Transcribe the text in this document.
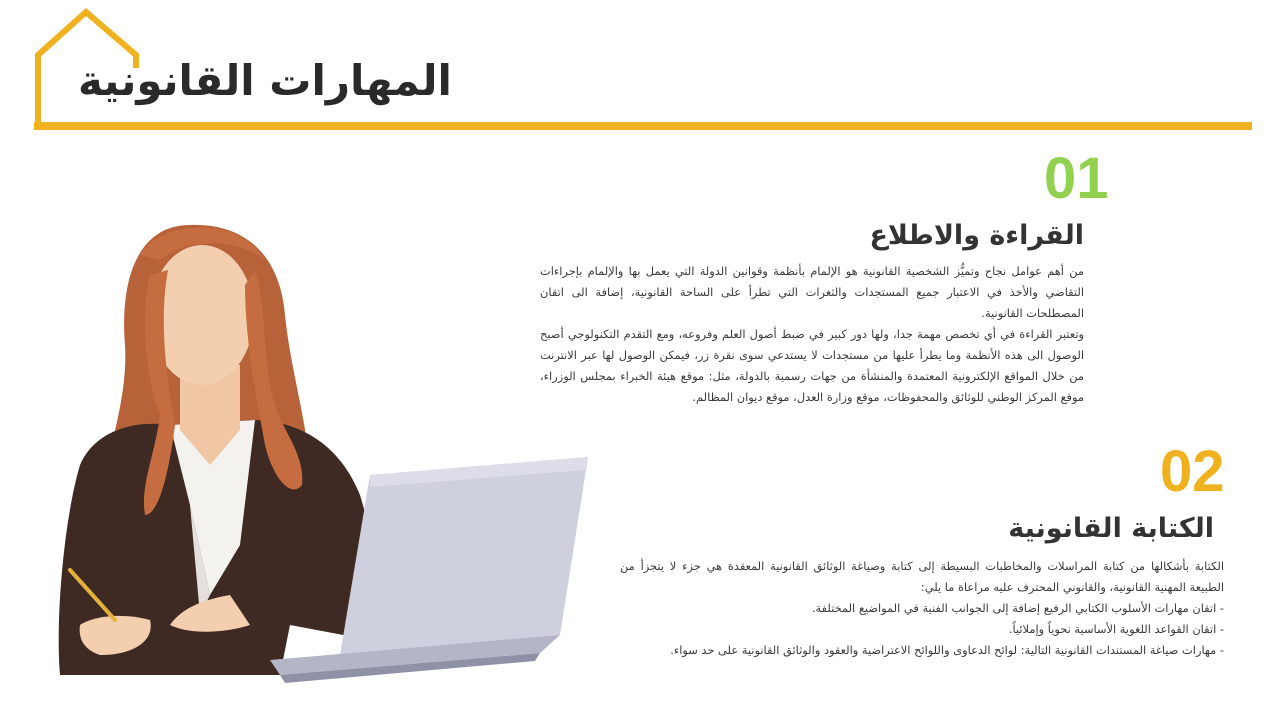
المهارات القانونية
01
القراءة والاطلاع
من أهم عوامل نجاح وتميُّز الشخصية القانونية هو الإلمام بأنظمة وقوانين الدولة التي يعمل بها والإلمام بإجراءات التقاضي والأخذ في الاعتبار جميع المستجدات والثغرات التي تطرأ على الساحة القانونية، إضافة الى اتقان المصطلحات القانونية.
وتعتبر القراءة في أي تخصص مهمة جدا، ولها دور كبير في ضبط أصول العلم وفروعه، ومع التقدم التكنولوجي أصبح الوصول الى هذه الأنظمة وما يطرأ عليها من مستجدات لا يستدعي سوى نقرة زر، فيمكن الوصول لها عبر الانترنت من خلال المواقع الإلكترونية المعتمدة والمنشأة من جهات رسمية بالدولة، مثل: موقع هيئة الخبراء بمجلس الوزراء، موقع المركز الوطني للوثائق والمحفوظات، موقع وزارة العدل، موقع ديوان المظالم.
02
الكتابة القانونية
الكتابة بأشكالها من كتابة المراسلات والمخاطبات البسيطة إلى كتابة وصياغة الوثائق القانونية المعقدة هي جزء لا يتجزأ من الطبيعة المهنية القانونية، والقانوني المحترف عليه مراعاة ما يلي:
- اتقان مهارات الأسلوب الكتابي الرفيع إضافة إلى الجوانب الفنية في المواضيع المختلفة.
- اتقان القواعد اللغوية الأساسية نحوياً وإملائياً.
- مهارات صياغة المستندات القانونية التالية: لوائح الدعاوى واللوائح الاعتراضية والعقود والوثائق القانونية على حد سواء.
